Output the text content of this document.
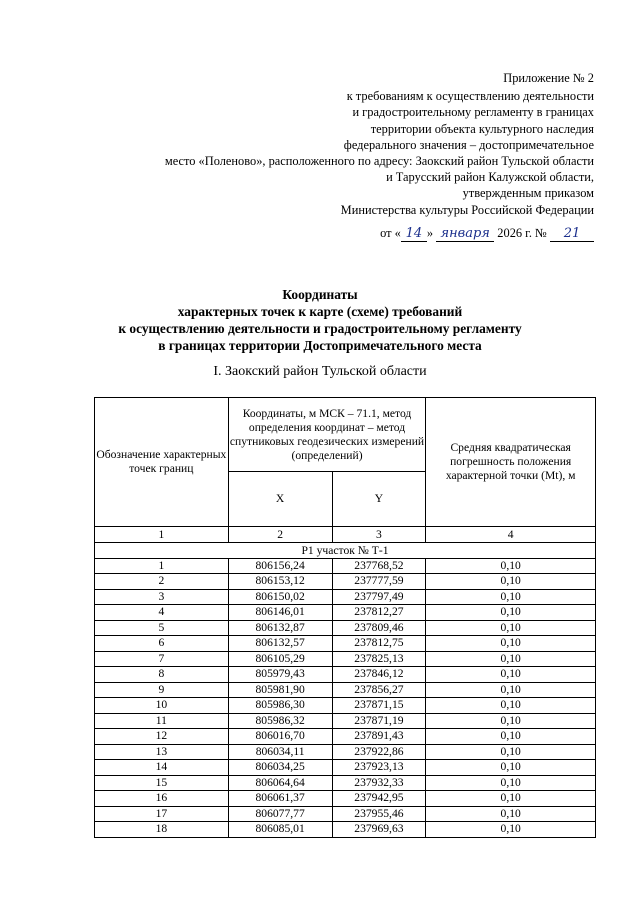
Приложение № 2
к требованиям к осуществлению деятельности
и градостроительному регламенту в границах
территории объекта культурного наследия
федерального значения – достопримечательное
место «Поленово», расположенного по адресу: Заокский район Тульской области
и Тарусский район Калужской области,
утвержденным приказом
Министерства культуры Российской Федерации
от « 14 » января 2026 г. № 21
Координаты
характерных точек к карте (схеме) требований
к осуществлению деятельности и градостроительному регламенту
в границах территории Достопримечательного места
I. Заокский район Тульской области
Обозначение характерных точек границ	Координаты, м МСК – 71.1, метод определения координат – метод спутниковых геодезических измерений (определений)		Средняя квадратическая погрешность положения характерной точки (Mt), м
	X	Y	
1	2	3	4
Р1 участок № Т-1			
1	806156,24	237768,52	0,10
2	806153,12	237777,59	0,10
3	806150,02	237797,49	0,10
4	806146,01	237812,27	0,10
5	806132,87	237809,46	0,10
6	806132,57	237812,75	0,10
7	806105,29	237825,13	0,10
8	805979,43	237846,12	0,10
9	805981,90	237856,27	0,10
10	805986,30	237871,15	0,10
11	805986,32	237871,19	0,10
12	806016,70	237891,43	0,10
13	806034,11	237922,86	0,10
14	806034,25	237923,13	0,10
15	806064,64	237932,33	0,10
16	806061,37	237942,95	0,10
17	806077,77	237955,46	0,10
18	806085,01	237969,63	0,10
